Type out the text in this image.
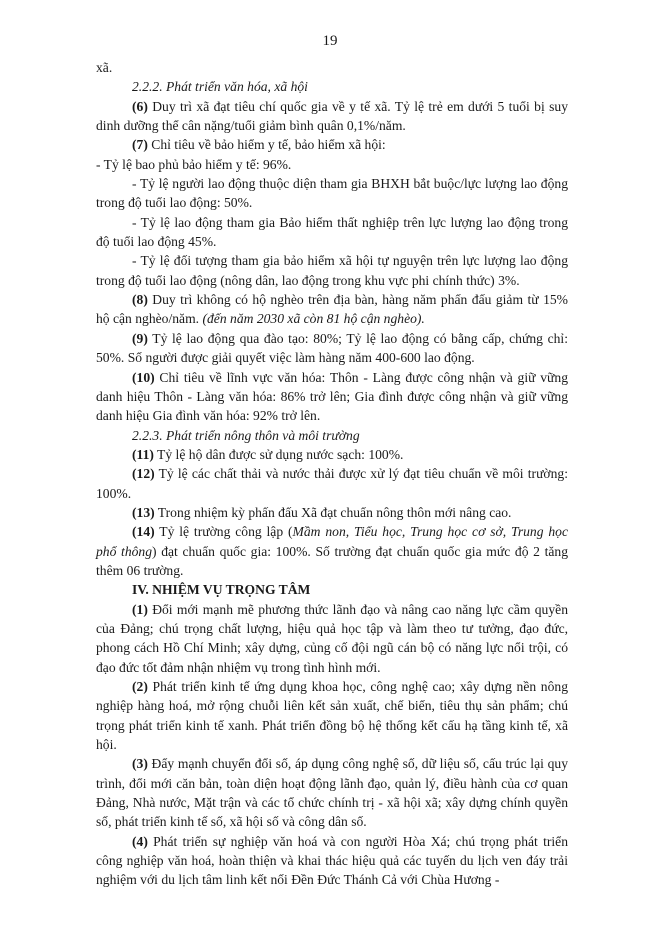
19

xã.

2.2.2. Phát triển văn hóa, xã hội

(6) Duy trì xã đạt tiêu chí quốc gia về y tế xã. Tỷ lệ trẻ em dưới 5 tuổi bị suy dinh dưỡng thể cân nặng/tuổi giảm bình quân 0,1%/năm.

(7) Chỉ tiêu về bảo hiểm y tế, bảo hiểm xã hội:

- Tỷ lệ bao phủ bảo hiểm y tế: 96%.

- Tỷ lệ người lao động thuộc diện tham gia BHXH bắt buộc/lực lượng lao động trong độ tuổi lao động: 50%.

- Tỷ lệ lao động tham gia Bảo hiểm thất nghiệp trên lực lượng lao động trong độ tuổi lao động 45%.

- Tỷ lệ đối tượng tham gia bảo hiểm xã hội tự nguyện trên lực lượng lao động trong độ tuổi lao động (nông dân, lao động trong khu vực phi chính thức) 3%.

(8) Duy trì không có hộ nghèo trên địa bàn, hàng năm phấn đấu giảm từ 15% hộ cận nghèo/năm. (đến năm 2030 xã còn 81 hộ cận nghèo).

(9) Tỷ lệ lao động qua đào tạo: 80%; Tỷ lệ lao động có bằng cấp, chứng chỉ: 50%. Số người được giải quyết việc làm hàng năm 400-600 lao động.

(10) Chỉ tiêu về lĩnh vực văn hóa: Thôn - Làng được công nhận và giữ vững danh hiệu Thôn - Làng văn hóa: 86% trở lên; Gia đình được công nhận và giữ vững danh hiệu Gia đình văn hóa: 92% trở lên.

2.2.3. Phát triển nông thôn và môi trường

(11) Tỷ lệ hộ dân được sử dụng nước sạch: 100%.

(12) Tỷ lệ các chất thải và nước thải được xử lý đạt tiêu chuẩn về môi trường: 100%.

(13) Trong nhiệm kỳ phấn đấu Xã đạt chuẩn nông thôn mới nâng cao.

(14) Tỷ lệ trường công lập (Mầm non, Tiểu học, Trung học cơ sở, Trung học phổ thông) đạt chuẩn quốc gia: 100%. Số trường đạt chuẩn quốc gia mức độ 2 tăng thêm 06 trường.

IV. NHIỆM VỤ TRỌNG TÂM

(1) Đổi mới mạnh mẽ phương thức lãnh đạo và nâng cao năng lực cầm quyền của Đảng; chú trọng chất lượng, hiệu quả học tập và làm theo tư tưởng, đạo đức, phong cách Hồ Chí Minh; xây dựng, củng cố đội ngũ cán bộ có năng lực nổi trội, có đạo đức tốt đảm nhận nhiệm vụ trong tình hình mới.

(2) Phát triển kinh tế ứng dụng khoa học, công nghệ cao; xây dựng nền nông nghiệp hàng hoá, mở rộng chuỗi liên kết sản xuất, chế biến, tiêu thụ sản phẩm; chú trọng phát triển kinh tế xanh. Phát triển đồng bộ hệ thống kết cấu hạ tầng kinh tế, xã hội.

(3) Đẩy mạnh chuyển đổi số, áp dụng công nghệ số, dữ liệu số, cấu trúc lại quy trình, đổi mới căn bản, toàn diện hoạt động lãnh đạo, quản lý, điều hành của cơ quan Đảng, Nhà nước, Mặt trận và các tổ chức chính trị - xã hội xã; xây dựng chính quyền số, phát triển kinh tế số, xã hội số và công dân số.

(4) Phát triển sự nghiệp văn hoá và con người Hòa Xá; chú trọng phát triển công nghiệp văn hoá, hoàn thiện và khai thác hiệu quả các tuyến du lịch ven đáy trải nghiệm với du lịch tâm linh kết nối Đền Đức Thánh Cả với Chùa Hương -
